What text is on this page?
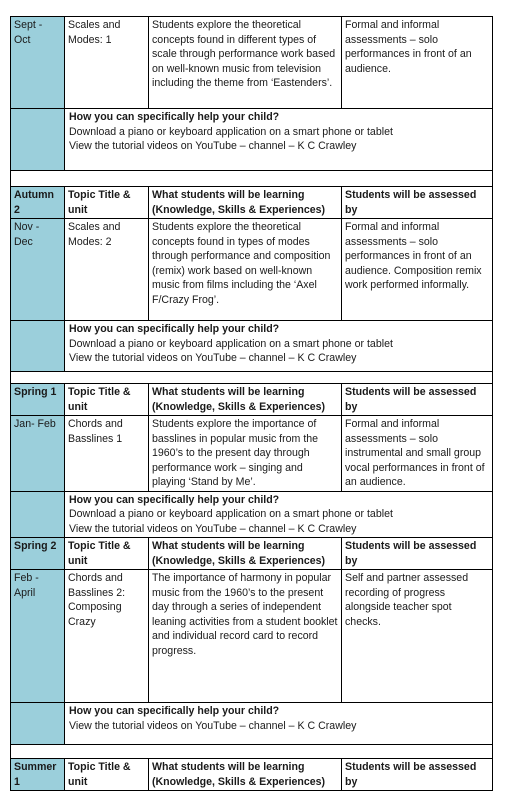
Sept - Oct	Scales and Modes: 1	Students explore the theoretical concepts found in different types of scale through performance work based on well-known music from television including the theme from ‘Eastenders’.	Formal and informal assessments – solo performances in front of an audience.

	How you can specifically help your child?
Download a piano or keyboard application on a smart phone or tablet
View the tutorial videos on YouTube – channel – K C Crawley		

Autumn 2	Topic Title & unit	What students will be learning (Knowledge, Skills & Experiences)	Students will be assessed by
Nov - Dec	Scales and Modes: 2	Students explore the theoretical concepts found in types of modes through performance and composition (remix) work based on well-known music from films including the ‘Axel F/Crazy Frog’.	Formal and informal assessments – solo performances in front of an audience. Composition remix work performed informally.

	How you can specifically help your child?
Download a piano or keyboard application on a smart phone or tablet
View the tutorial videos on YouTube – channel – K C Crawley		

Spring 1	Topic Title & unit	What students will be learning (Knowledge, Skills & Experiences)	Students will be assessed by
Jan- Feb	Chords and Basslines 1	Students explore the importance of basslines in popular music from the 1960’s to the present day through performance work – singing and playing ‘Stand by Me’.	Formal and informal assessments – solo instrumental and small group vocal performances in front of an audience.

	How you can specifically help your child?
Download a piano or keyboard application on a smart phone or tablet
View the tutorial videos on YouTube – channel – K C Crawley		

Spring 2	Topic Title & unit	What students will be learning (Knowledge, Skills & Experiences)	Students will be assessed by
Feb - April	Chords and Basslines 2: Composing Crazy	The importance of harmony in popular music from the 1960’s to the present day through a series of independent leaning activities from a student booklet and individual record card to record progress.	Self and partner assessed recording of progress alongside teacher spot checks.

	How you can specifically help your child?
View the tutorial videos on YouTube – channel – K C Crawley		

Summer 1	Topic Title & unit	What students will be learning (Knowledge, Skills & Experiences)	Students will be assessed by
